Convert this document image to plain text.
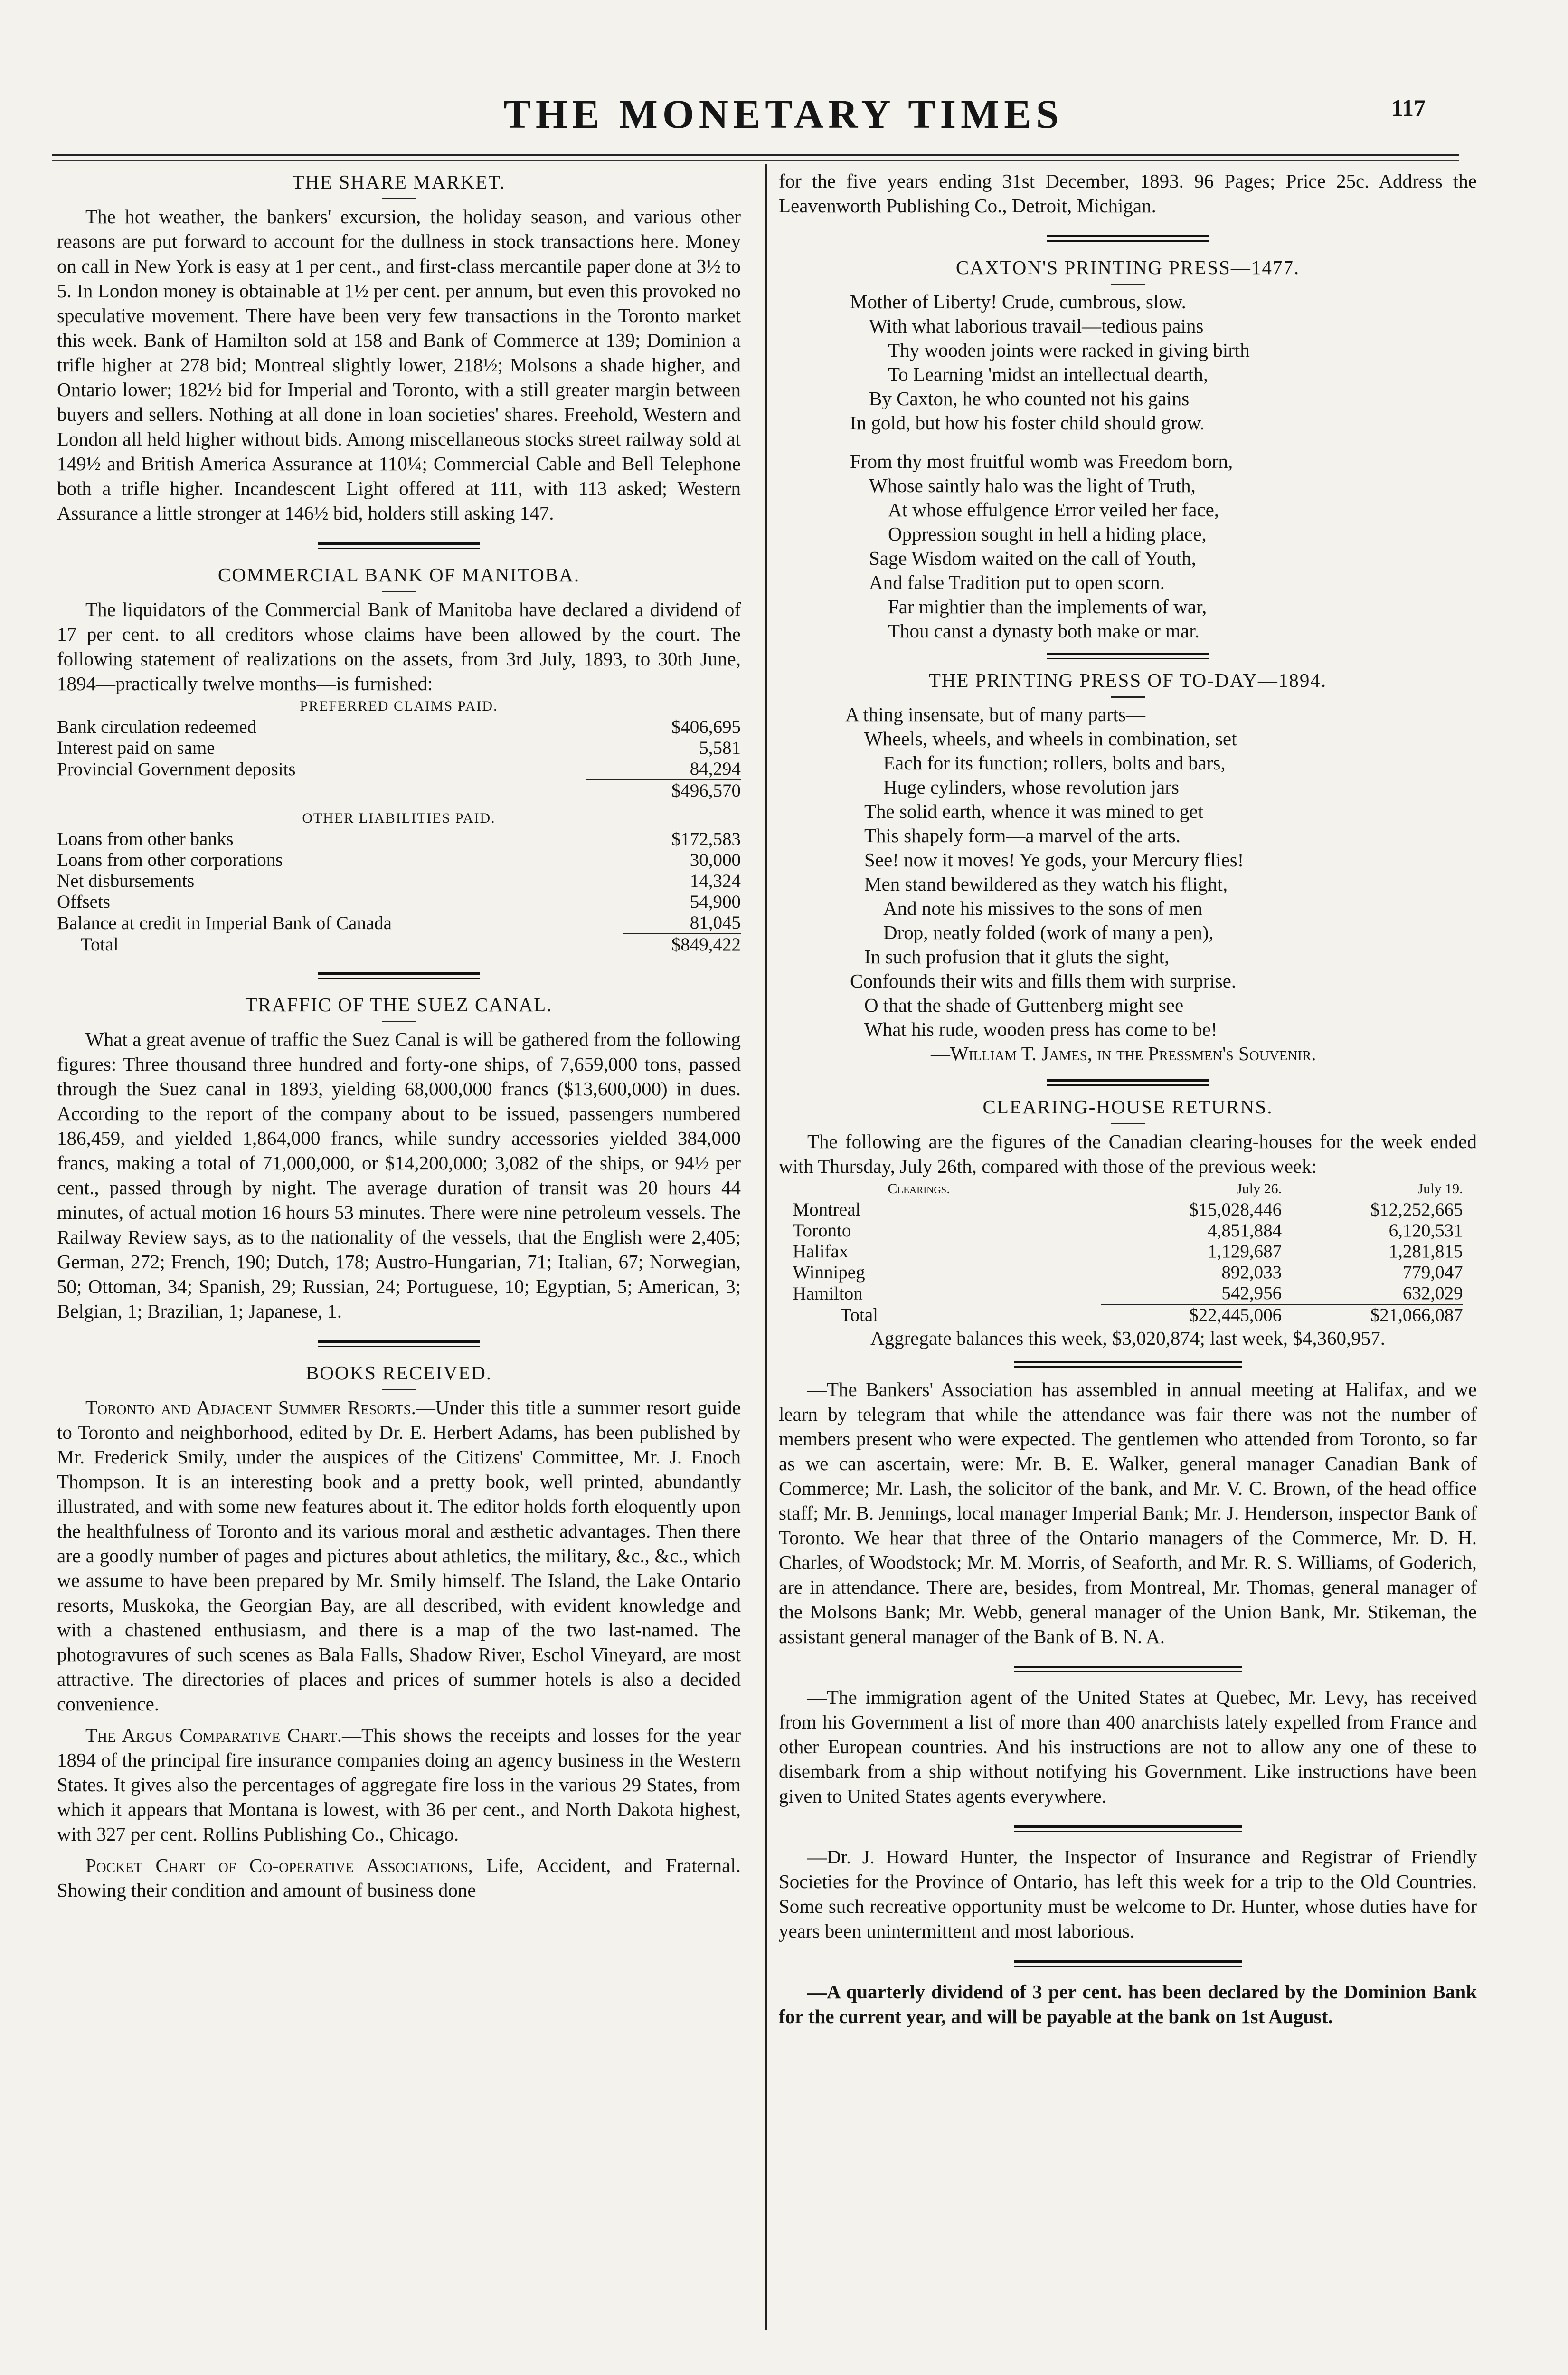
THE MONETARY TIMES	117
THE SHARE MARKET.

The hot weather, the bankers' excursion, the holiday season, and various other reasons are put forward to account for the dullness in stock transactions here. Money on call in New York is easy at 1 per cent., and first-class mercantile paper done at 3½ to 5. In London money is obtainable at 1½ per cent. per annum, but even this provoked no speculative movement. There have been very few transactions in the Toronto market this week. Bank of Hamilton sold at 158 and Bank of Commerce at 139; Dominion a trifle higher at 278 bid; Montreal slightly lower, 218½; Molsons a shade higher, and Ontario lower; 182½ bid for Imperial and Toronto, with a still greater margin between buyers and sellers. Nothing at all done in loan societies' shares. Freehold, Western and London all held higher without bids. Among miscellaneous stocks street railway sold at 149½ and British America Assurance at 110¼; Commercial Cable and Bell Telephone both a trifle higher. Incandescent Light offered at 111, with 113 asked; Western Assurance a little stronger at 146½ bid, holders still asking 147.

COMMERCIAL BANK OF MANITOBA.

The liquidators of the Commercial Bank of Manitoba have declared a dividend of 17 per cent. to all creditors whose claims have been allowed by the court. The following statement of realizations on the assets, from 3rd July, 1893, to 30th June, 1894—practically twelve months—is furnished:

PREFERRED CLAIMS PAID.
Bank circulation redeemed	$406,695
Interest paid on same	5,581
Provincial Government deposits	84,294
	$496,570
OTHER LIABILITIES PAID.
Loans from other banks	$172,583
Loans from other corporations	30,000
Net disbursements	14,324
Offsets	54,900
Balance at credit in Imperial Bank of Canada	81,045
Total	$849,422
TRAFFIC OF THE SUEZ CANAL.

What a great avenue of traffic the Suez Canal is will be gathered from the following figures: Three thousand three hundred and forty-one ships, of 7,659,000 tons, passed through the Suez canal in 1893, yielding 68,000,000 francs ($13,600,000) in dues. According to the report of the company about to be issued, passengers numbered 186,459, and yielded 1,864,000 francs, while sundry accessories yielded 384,000 francs, making a total of 71,000,000, or $14,200,000; 3,082 of the ships, or 94½ per cent., passed through by night. The average duration of transit was 20 hours 44 minutes, of actual motion 16 hours 53 minutes. There were nine petroleum vessels. The Railway Review says, as to the nationality of the vessels, that the English were 2,405; German, 272; French, 190; Dutch, 178; Austro-Hungarian, 71; Italian, 67; Norwegian, 50; Ottoman, 34; Spanish, 29; Russian, 24; Portuguese, 10; Egyptian, 5; American, 3; Belgian, 1; Brazilian, 1; Japanese, 1.

BOOKS RECEIVED.

Toronto and Adjacent Summer Resorts.—Under this title a summer resort guide to Toronto and neighborhood, edited by Dr. E. Herbert Adams, has been published by Mr. Frederick Smily, under the auspices of the Citizens' Committee, Mr. J. Enoch Thompson. It is an interesting book and a pretty book, well printed, abundantly illustrated, and with some new features about it. The editor holds forth eloquently upon the healthfulness of Toronto and its various moral and æsthetic advantages. Then there are a goodly number of pages and pictures about athletics, the military, &c., &c., which we assume to have been prepared by Mr. Smily himself. The Island, the Lake Ontario resorts, Muskoka, the Georgian Bay, are all described, with evident knowledge and with a chastened enthusiasm, and there is a map of the two last-named. The photogravures of such scenes as Bala Falls, Shadow River, Eschol Vineyard, are most attractive. The directories of places and prices of summer hotels is also a decided convenience.

The Argus Comparative Chart.—This shows the receipts and losses for the year 1894 of the principal fire insurance companies doing an agency business in the Western States. It gives also the percentages of aggregate fire loss in the various 29 States, from which it appears that Montana is lowest, with 36 per cent., and North Dakota highest, with 327 per cent. Rollins Publishing Co., Chicago.

Pocket Chart of Co-operative Associations, Life, Accident, and Fraternal. Showing their condition and amount of business done

for the five years ending 31st December, 1893. 96 Pages; Price 25c. Address the Leavenworth Publishing Co., Detroit, Michigan.

CAXTON'S PRINTING PRESS—1477.
Mother of Liberty! Crude, cumbrous, slow.
With what laborious travail—tedious pains
Thy wooden joints were racked in giving birth
To Learning 'midst an intellectual dearth,
By Caxton, he who counted not his gains
In gold, but how his foster child should grow.
From thy most fruitful womb was Freedom born,
Whose saintly halo was the light of Truth,
At whose effulgence Error veiled her face,
Oppression sought in hell a hiding place,
Sage Wisdom waited on the call of Youth,
And false Tradition put to open scorn.
Far mightier than the implements of war,
Thou canst a dynasty both make or mar.
THE PRINTING PRESS OF TO-DAY—1894.
A thing insensate, but of many parts—
Wheels, wheels, and wheels in combination, set
Each for its function; rollers, bolts and bars,
Huge cylinders, whose revolution jars
The solid earth, whence it was mined to get
This shapely form—a marvel of the arts.
See! now it moves! Ye gods, your Mercury flies!
Men stand bewildered as they watch his flight,
And note his missives to the sons of men
Drop, neatly folded (work of many a pen),
In such profusion that it gluts the sight,
Confounds their wits and fills them with surprise.
O that the shade of Guttenberg might see
What his rude, wooden press has come to be!
—William T. James, in the Pressmen's Souvenir.
CLEARING-HOUSE RETURNS.

The following are the figures of the Canadian clearing-houses for the week ended with Thursday, July 26th, compared with those of the previous week:

Clearings.	July 26.	July 19.
Montreal	$15,028,446	$12,252,665
Toronto	4,851,884	6,120,531
Halifax	1,129,687	1,281,815
Winnipeg	892,033	779,047
Hamilton	542,956	632,029
Total	$22,445,006	$21,066,087
Aggregate balances this week, $3,020,874; last week, $4,360,957.

—The Bankers' Association has assembled in annual meeting at Halifax, and we learn by telegram that while the attendance was fair there was not the number of members present who were expected. The gentlemen who attended from Toronto, so far as we can ascertain, were: Mr. B. E. Walker, general manager Canadian Bank of Commerce; Mr. Lash, the solicitor of the bank, and Mr. V. C. Brown, of the head office staff; Mr. B. Jennings, local manager Imperial Bank; Mr. J. Henderson, inspector Bank of Toronto. We hear that three of the Ontario managers of the Commerce, Mr. D. H. Charles, of Woodstock; Mr. M. Morris, of Seaforth, and Mr. R. S. Williams, of Goderich, are in attendance. There are, besides, from Montreal, Mr. Thomas, general manager of the Molsons Bank; Mr. Webb, general manager of the Union Bank, Mr. Stikeman, the assistant general manager of the Bank of B. N. A.

—The immigration agent of the United States at Quebec, Mr. Levy, has received from his Government a list of more than 400 anarchists lately expelled from France and other European countries. And his instructions are not to allow any one of these to disembark from a ship without notifying his Government. Like instructions have been given to United States agents everywhere.

—Dr. J. Howard Hunter, the Inspector of Insurance and Registrar of Friendly Societies for the Province of Ontario, has left this week for a trip to the Old Countries. Some such recreative opportunity must be welcome to Dr. Hunter, whose duties have for years been unintermittent and most laborious.

—A quarterly dividend of 3 per cent. has been declared by the Dominion Bank for the current year, and will be payable at the bank on 1st August.
